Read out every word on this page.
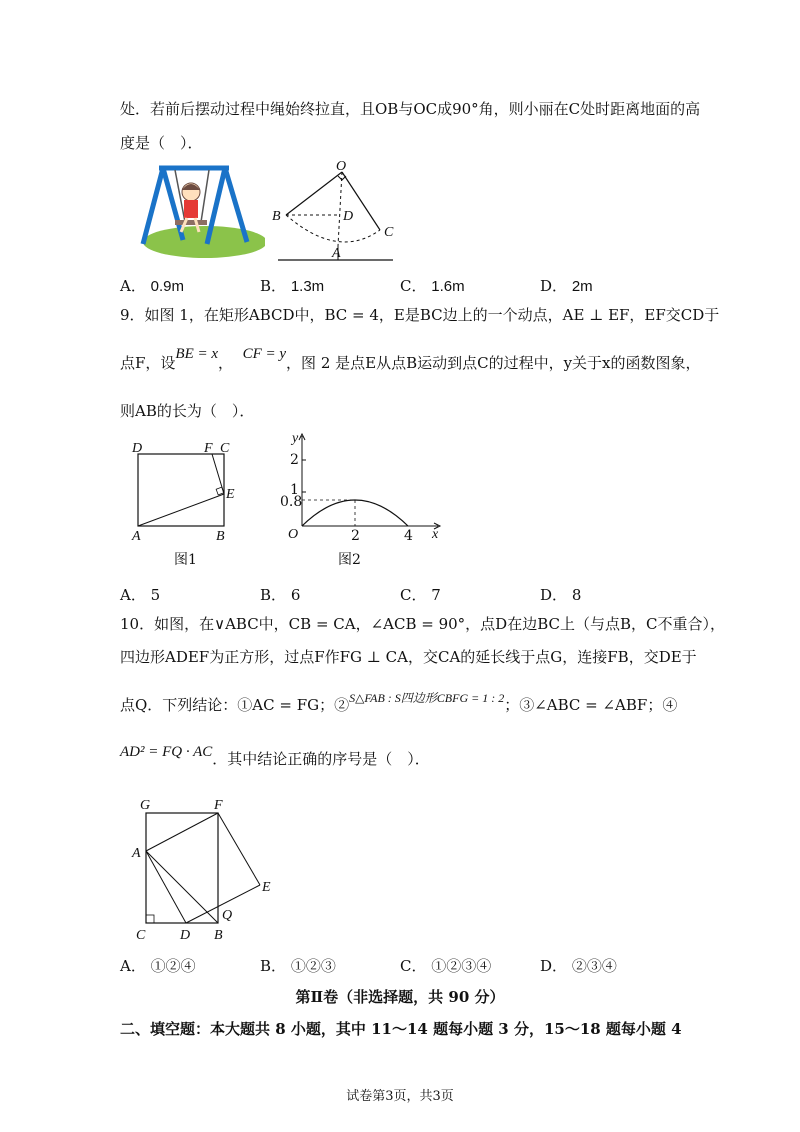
处．若前后摆动过程中绳始终拉直，且OB与OC成90°角，则小丽在C处时距离地面的高
度是（　）．
O
B	D
C
A
A． 0.9m	B． 1.3m	C． 1.6m	D． 2m
9．如图 1，在矩形ABCD中，BC = 4，E是BC边上的一个动点，AE ⊥ EF，EF交CD于
点F，设BE = x， CF = y，图 2 是点E从点B运动到点C的过程中，y关于x的函数图象，
则AB的长为（　）．
D	F C
E
A	B
图1
y
x
O
2
1
0.8
2	4
图2
A． 5	B． 6	C． 7	D． 8
10．如图，在∨ABC中，CB = CA，∠ACB = 90°，点D在边BC上（与点B，C不重合），
四边形ADEF为正方形，过点F作FG ⊥ CA，交CA的延长线于点G，连接FB，交DE于
点Q．下列结论：①AC = FG；②$^{S\triangle FAB : S四边形CBFG = 1 : 2}$；③∠ABC = ∠ABF；④
AD² = FQ · AC．其中结论正确的序号是（　）．
G	F
A
E
Q
C D B
A． ①②④	B． ①②③	C． ①②③④	D． ②③④
第Ⅱ卷（非选择题，共 90 分）
二、填空题：本大题共 8 小题，其中 11～14 题每小题 3 分，15～18 题每小题 4
试卷第3页，共3页
